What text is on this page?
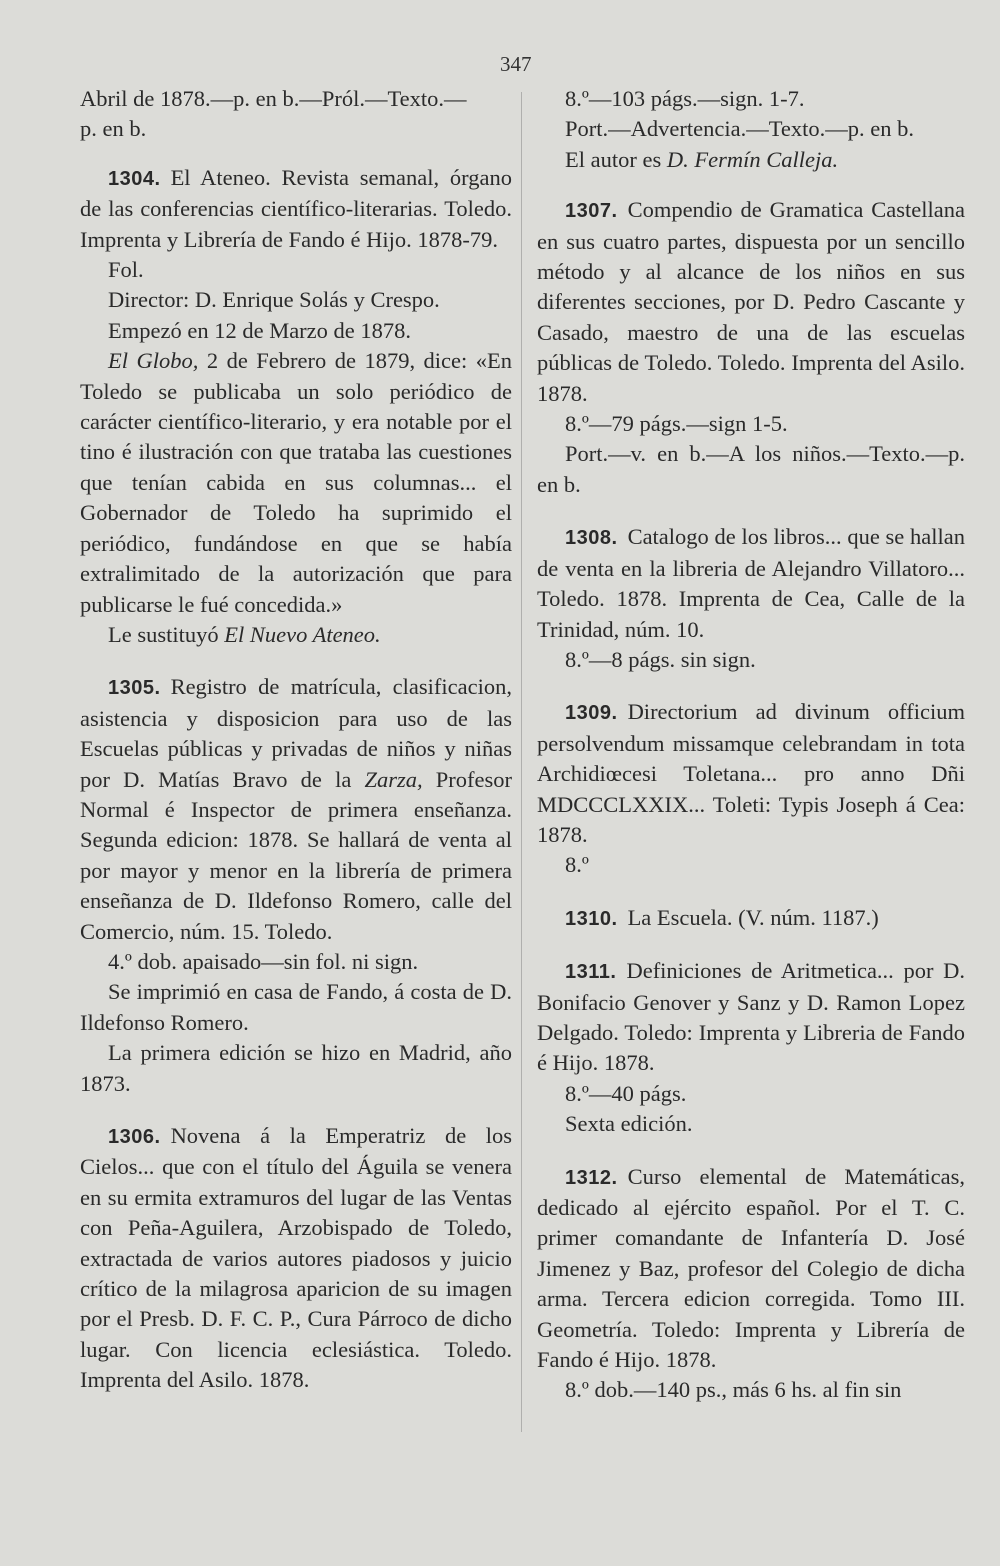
347

Abril de 1878.—p. en b.—Pról.—Texto.—

p. en b.

1304. El Ateneo. Revista semanal, órgano de las conferencias científico-literarias. Toledo. Imprenta y Librería de Fando é Hijo. 1878-79.

Fol.

Director: D. Enrique Solás y Crespo.

Empezó en 12 de Marzo de 1878.

El Globo, 2 de Febrero de 1879, dice: «En Toledo se publicaba un solo periódico de carácter científico-literario, y era notable por el tino é ilustración con que trataba las cuestiones que tenían cabida en sus columnas... el Gobernador de Toledo ha suprimido el periódico, fundándose en que se había extralimitado de la autorización que para publicarse le fué concedida.»

Le sustituyó El Nuevo Ateneo.

1305. Registro de matrícula, clasificacion, asistencia y disposicion para uso de las Escuelas públicas y privadas de niños y niñas por D. Matías Bravo de la Zarza, Profesor Normal é Inspector de primera enseñanza. Segunda edicion: 1878. Se hallará de venta al por mayor y menor en la librería de primera enseñanza de D. Ildefonso Romero, calle del Comercio, núm. 15. Toledo.

4.º dob. apaisado—sin fol. ni sign.

Se imprimió en casa de Fando, á costa de D. Ildefonso Romero.

La primera edición se hizo en Madrid, año 1873.

1306. Novena á la Emperatriz de los Cielos... que con el título del Águila se venera en su ermita extramuros del lugar de las Ventas con Peña-Aguilera, Arzobispado de Toledo, extractada de varios autores piadosos y juicio crítico de la milagrosa aparicion de su imagen por el Presb. D. F. C. P., Cura Párroco de dicho lugar. Con licencia eclesiástica. Toledo. Imprenta del Asilo. 1878.

8.º—103 págs.—sign. 1-7.

Port.—Advertencia.—Texto.—p. en b.

El autor es D. Fermín Calleja.

1307. Compendio de Gramatica Castellana en sus cuatro partes, dispuesta por un sencillo método y al alcance de los niños en sus diferentes secciones, por D. Pedro Cascante y Casado, maestro de una de las escuelas públicas de Toledo. Toledo. Imprenta del Asilo. 1878.

8.º—79 págs.—sign 1-5.

Port.—v. en b.—A los niños.—Texto.—p. en b.

1308. Catalogo de los libros... que se hallan de venta en la libreria de Alejandro Villatoro... Toledo. 1878. Imprenta de Cea, Calle de la Trinidad, núm. 10.

8.º—8 págs. sin sign.

1309. Directorium ad divinum officium persolvendum missamque celebrandam in tota Archidiœcesi Toletana... pro anno Dñi MDCCCLXXIX... Toleti: Typis Joseph á Cea: 1878.

8.º

1310. La Escuela. (V. núm. 1187.)

1311. Definiciones de Aritmetica... por D. Bonifacio Genover y Sanz y D. Ramon Lopez Delgado. Toledo: Imprenta y Libreria de Fando é Hijo. 1878.

8.º—40 págs.

Sexta edición.

1312. Curso elemental de Matemáticas, dedicado al ejército español. Por el T. C. primer comandante de Infantería D. José Jimenez y Baz, profesor del Colegio de dicha arma. Tercera edicion corregida. Tomo III. Geometría. Toledo: Imprenta y Librería de Fando é Hijo. 1878.

8.º dob.—140 ps., más 6 hs. al fin sin
